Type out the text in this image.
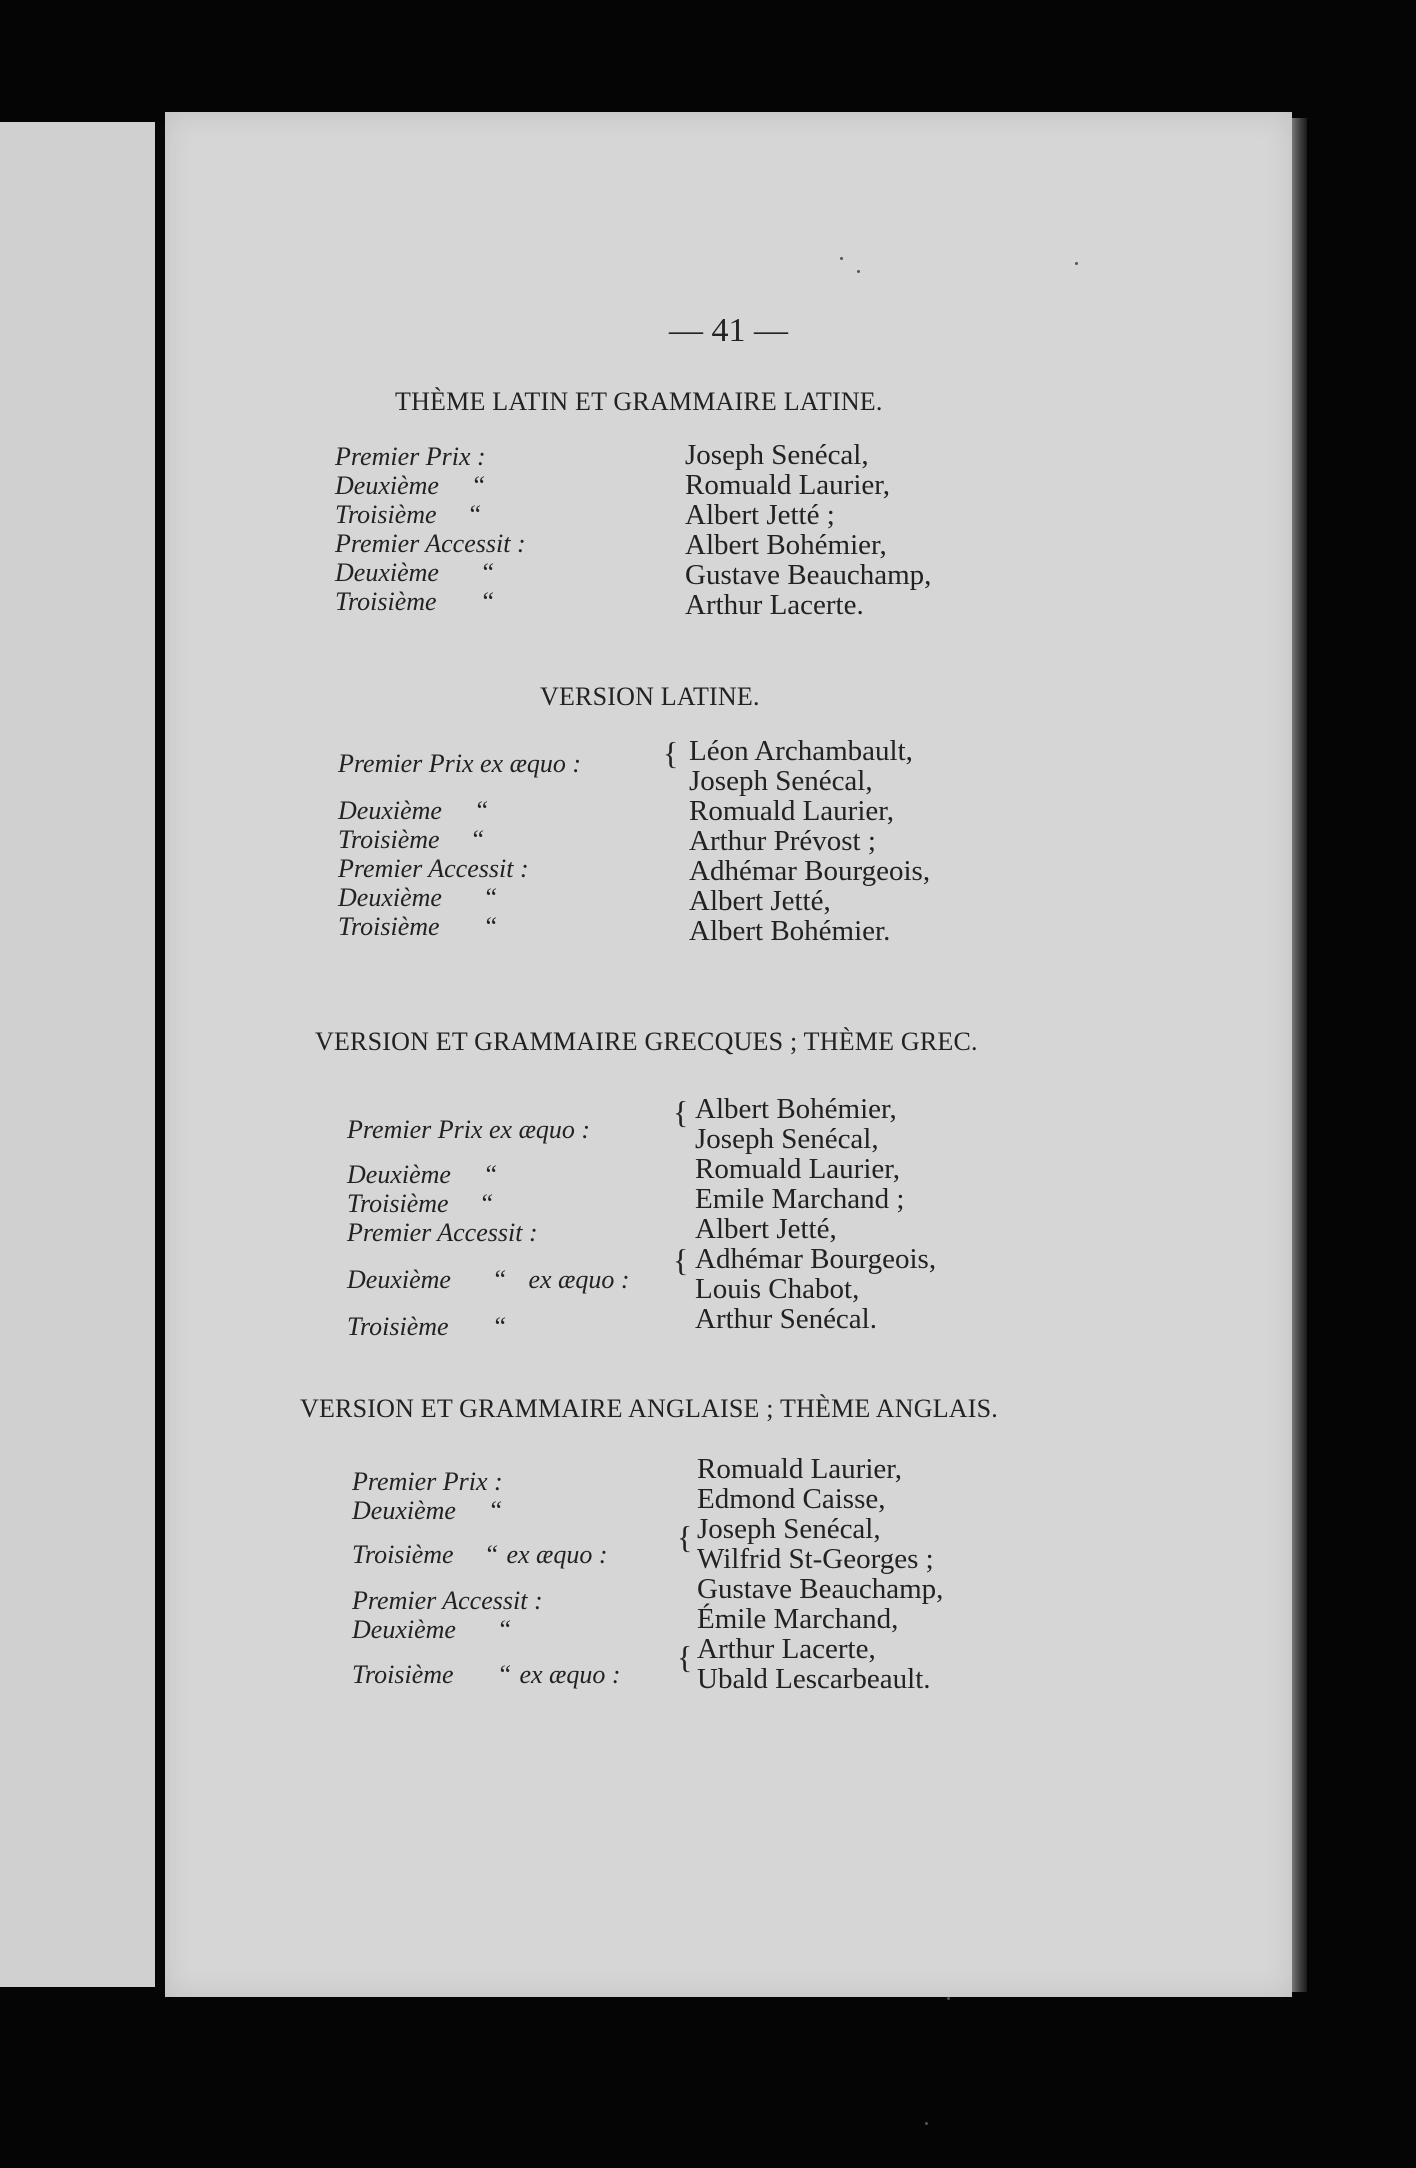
— 41 —
THÈME LATIN ET GRAMMAIRE LATINE.
Premier Prix :
Deuxième “
Troisième “
Premier Accessit :
Deuxième “
Troisième “
Joseph Senécal,
Romuald Laurier,
Albert Jetté ;
Albert Bohémier,
Gustave Beauchamp,
Arthur Lacerte.
VERSION LATINE.
Premier Prix ex æquo :
Deuxième “
Troisième “
Premier Accessit :
Deuxième “
Troisième “
{ Léon Archambault,
Joseph Senécal,
Romuald Laurier,
Arthur Prévost ;
Adhémar Bourgeois,
Albert Jetté,
Albert Bohémier.
VERSION ET GRAMMAIRE GRECQUES ; THÈME GREC.
Premier Prix ex æquo :
Deuxième “
Troisième “
Premier Accessit :
Deuxième “ ex æquo :
Troisième “
{
{
Albert Bohémier,
Joseph Senécal,
Romuald Laurier,
Emile Marchand ;
Albert Jetté,
Adhémar Bourgeois,
Louis Chabot,
Arthur Senécal.
VERSION ET GRAMMAIRE ANGLAISE ; THÈME ANGLAIS.
Premier Prix :
Deuxième “
Troisième “ ex æquo :
Premier Accessit :
Deuxième “
Troisième “ ex æquo :
{
{
Romuald Laurier,
Edmond Caisse,
Joseph Senécal,
Wilfrid St-Georges ;
Gustave Beauchamp,
Émile Marchand,
Arthur Lacerte,
Ubald Lescarbeault.
